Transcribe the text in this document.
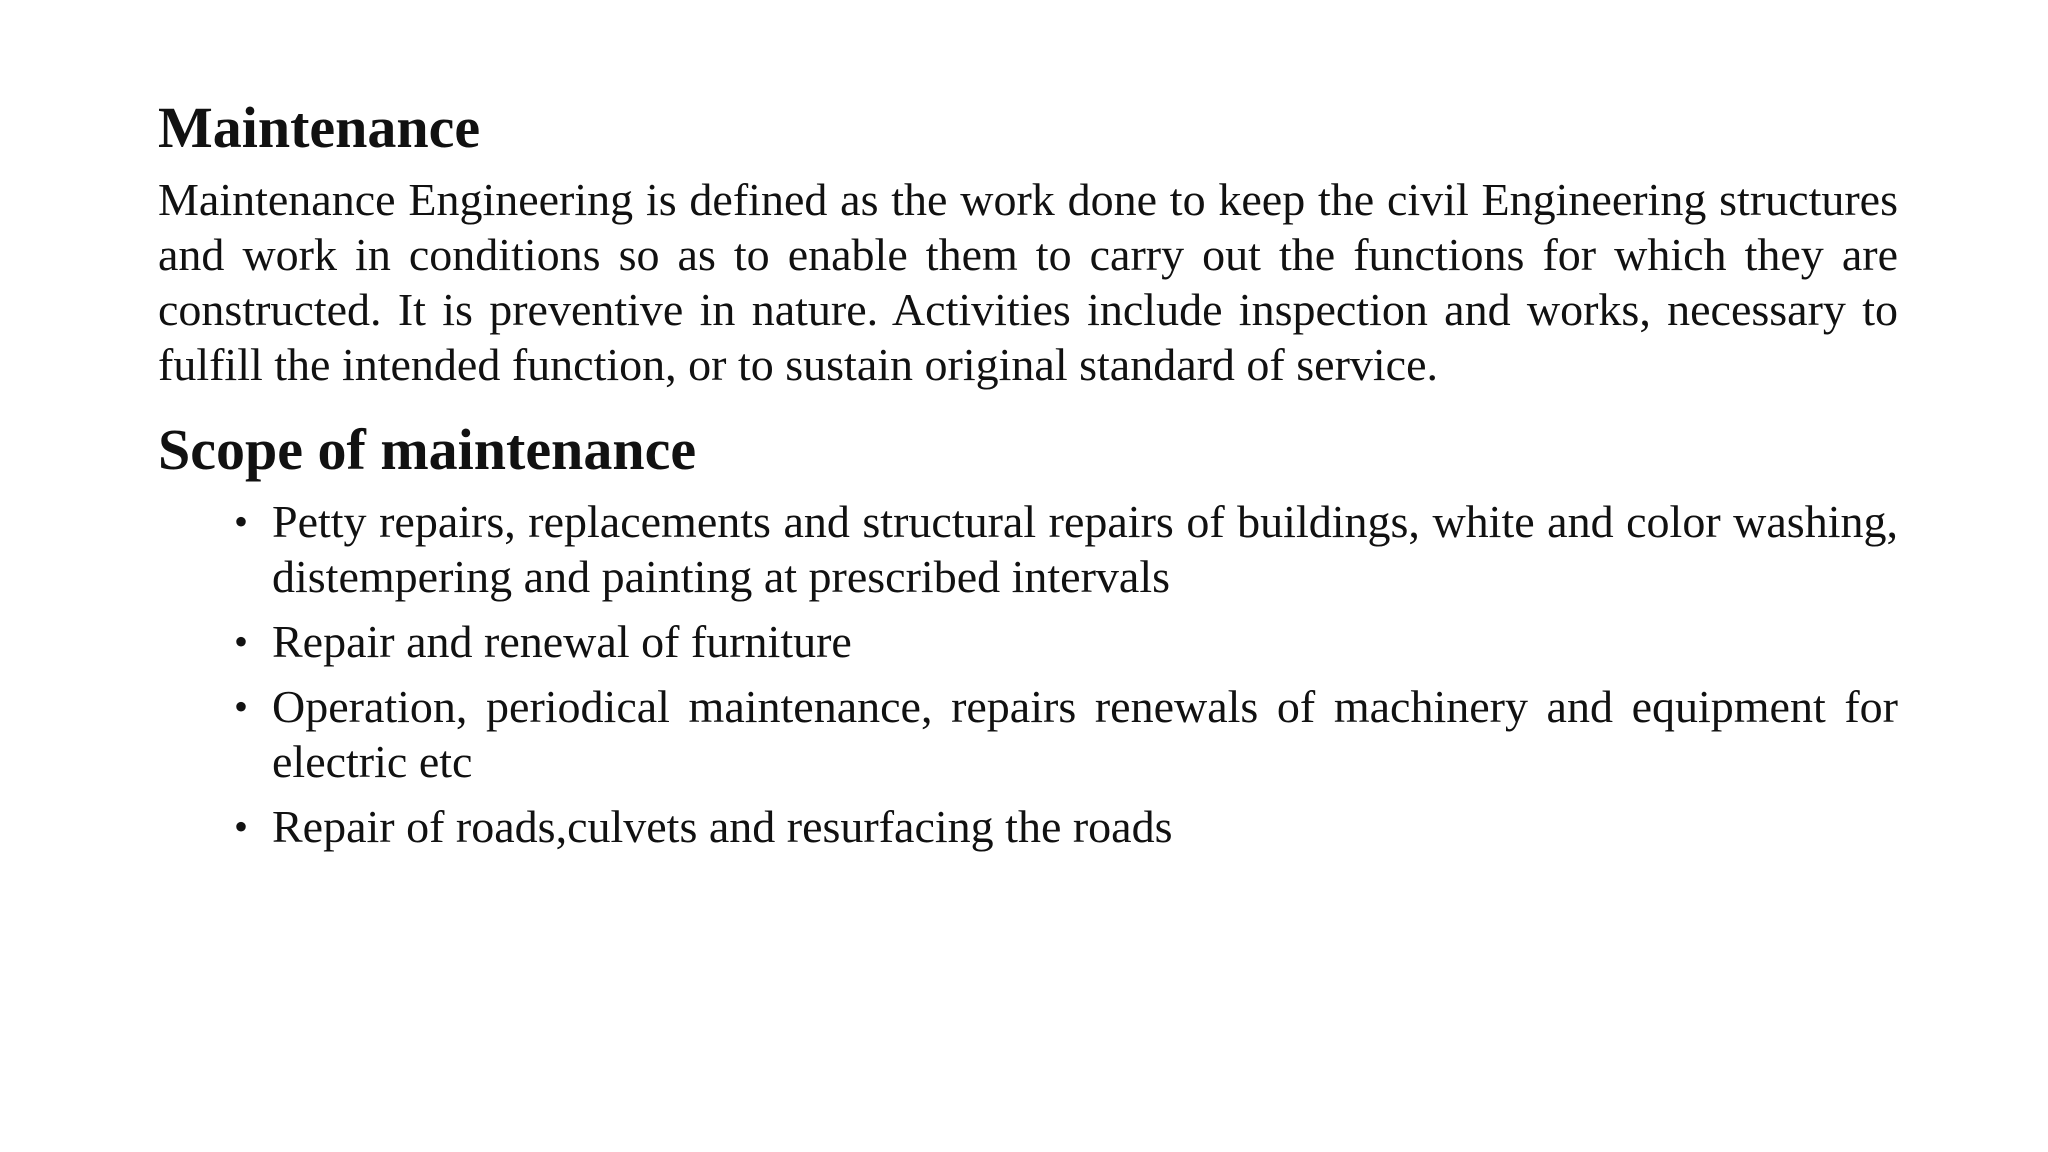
Maintenance

Maintenance Engineering is defined as the work done to keep the civil Engineering structures and work in conditions so as to enable them to carry out the functions for which they are constructed. It is preventive in nature. Activities include inspection and works, necessary to fulfill the intended function, or to sustain original standard of service.

Scope of maintenance
• Petty repairs, replacements and structural repairs of buildings, white and color washing, distempering and painting at prescribed intervals
• Repair and renewal of furniture
• Operation, periodical maintenance, repairs renewals of machinery and equipment for electric etc
• Repair of roads,culvets and resurfacing the roads
